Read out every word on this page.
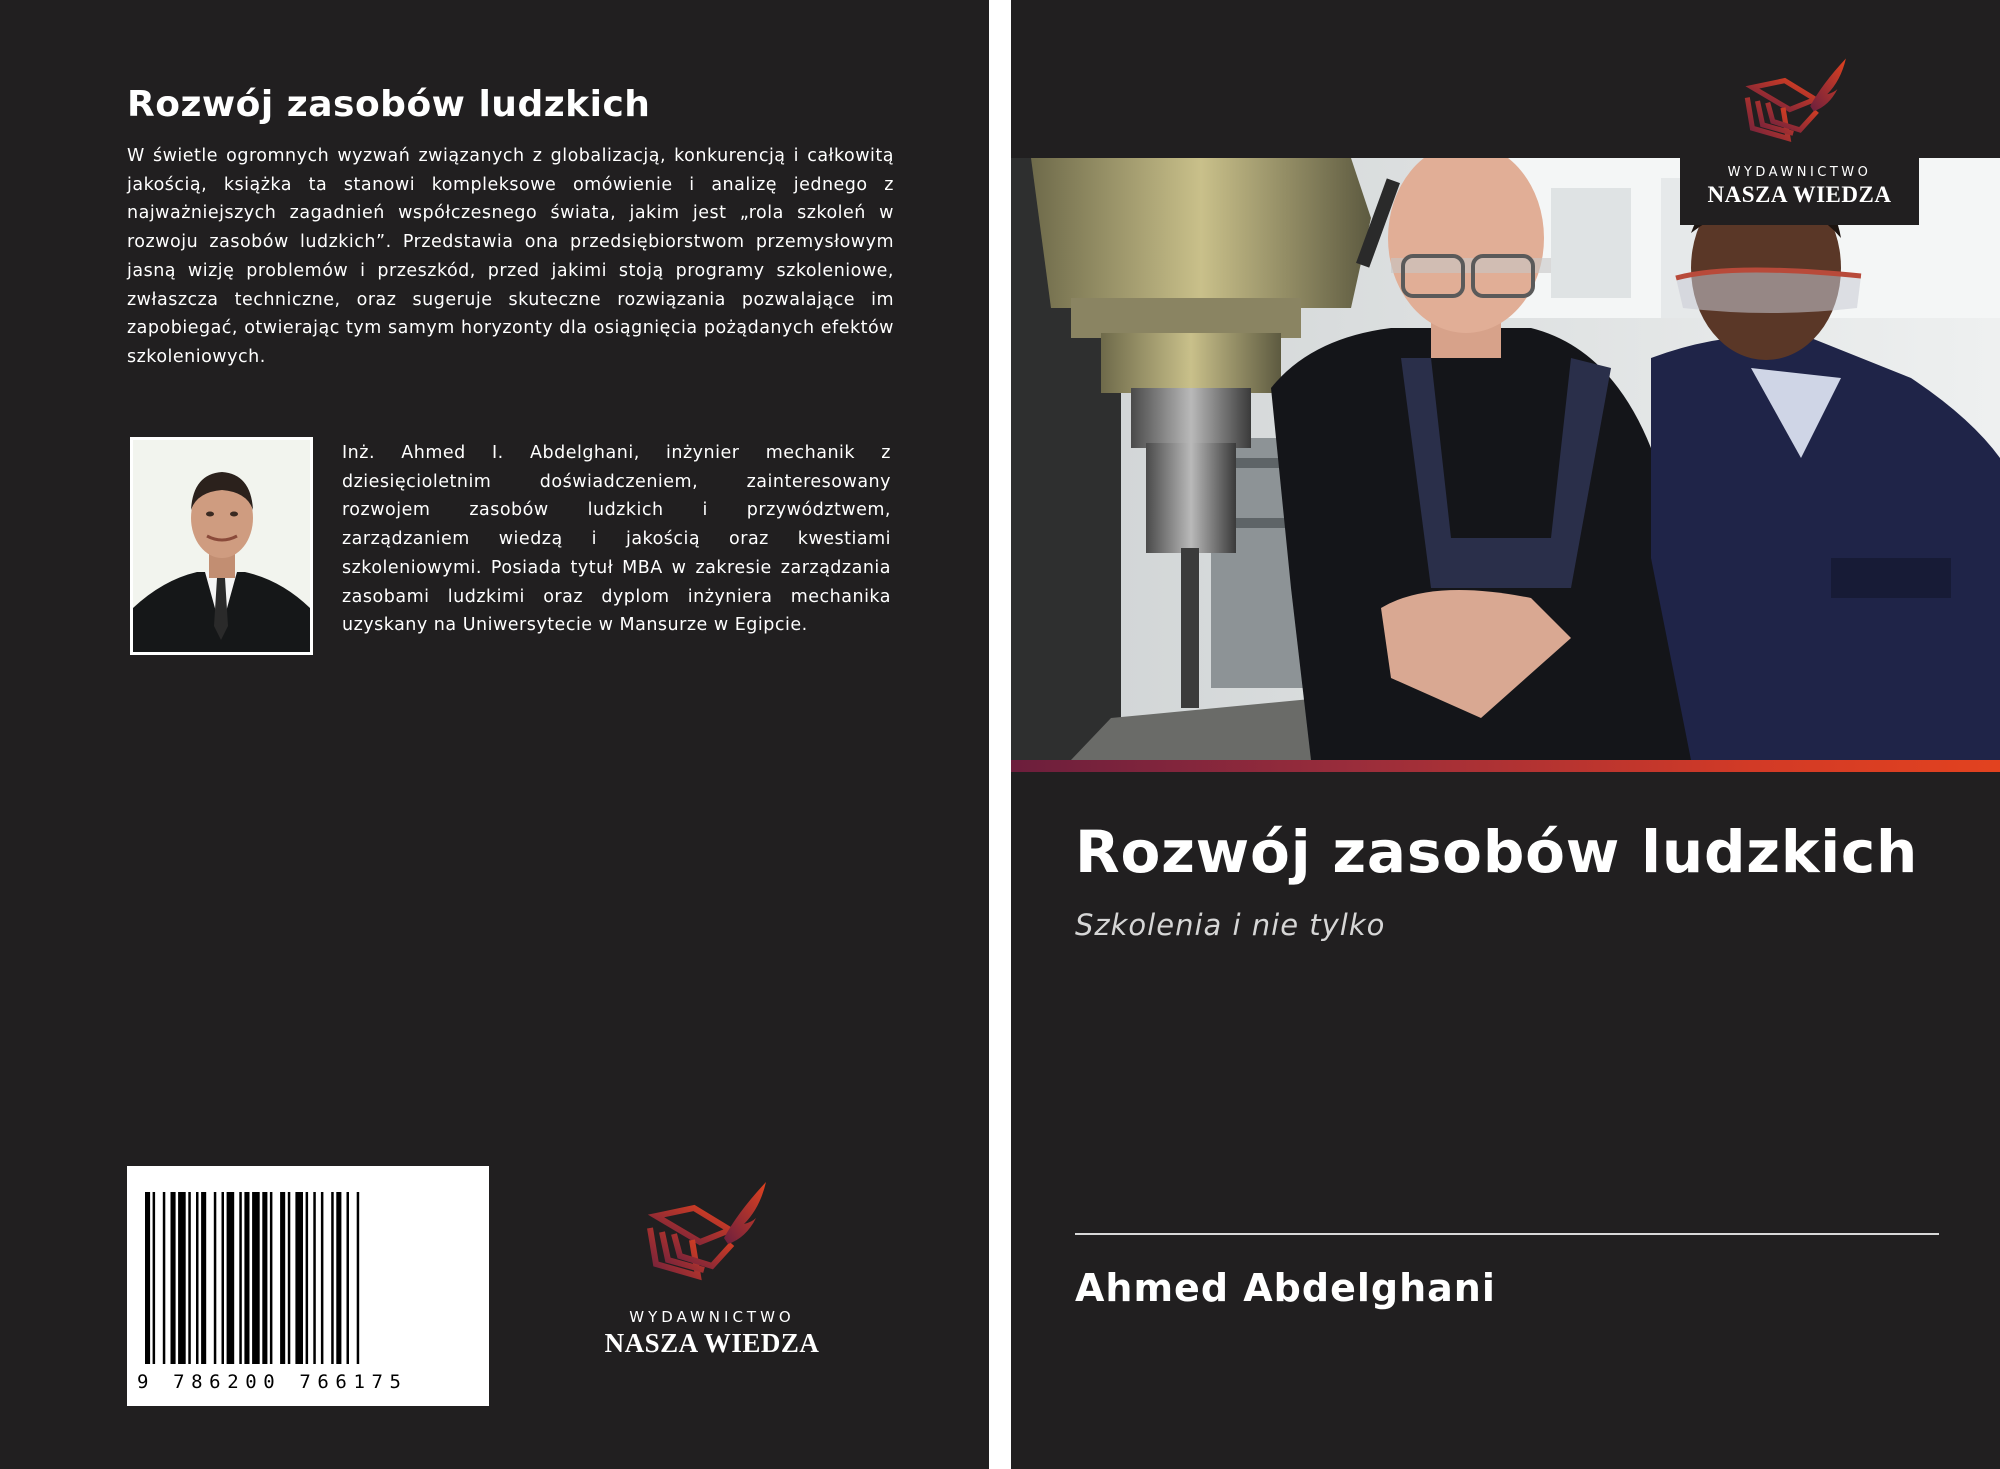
Rozwój zasobów ludzkich

W świetle ogromnych wyzwań związanych z globalizacją, konkurencją i całkowitą jakością, książka ta stanowi kompleksowe omówienie i analizę jednego z najważniejszych zagadnień współczesnego świata, jakim jest „rola szkoleń w rozwoju zasobów ludzkich”. Przedstawia ona przedsiębiorstwom przemysłowym jasną wizję problemów i przeszkód, przed jakimi stoją programy szkoleniowe, zwłaszcza techniczne, oraz sugeruje skuteczne rozwiązania pozwalające im zapobiegać, otwierając tym samym horyzonty dla osiągnięcia pożądanych efektów szkoleniowych.

Inż. Ahmed I. Abdelghani, inżynier mechanik z dziesięcioletnim doświadczeniem, zainteresowany rozwojem zasobów ludzkich i przywództwem, zarządzaniem wiedzą i jakością oraz kwestiami szkoleniowymi. Posiada tytuł MBA w zakresie zarządzania zasobami ludzkimi oraz dyplom inżyniera mechanika uzyskany na Uniwersytecie w Mansurze w Egipcie.

9 786200 766175
WYDAWNICTWO
NASZA WIEDZA
WYDAWNICTWO
NASZA WIEDZA
Rozwój zasobów ludzkich

Szkolenia i nie tylko

Ahmed Abdelghani
